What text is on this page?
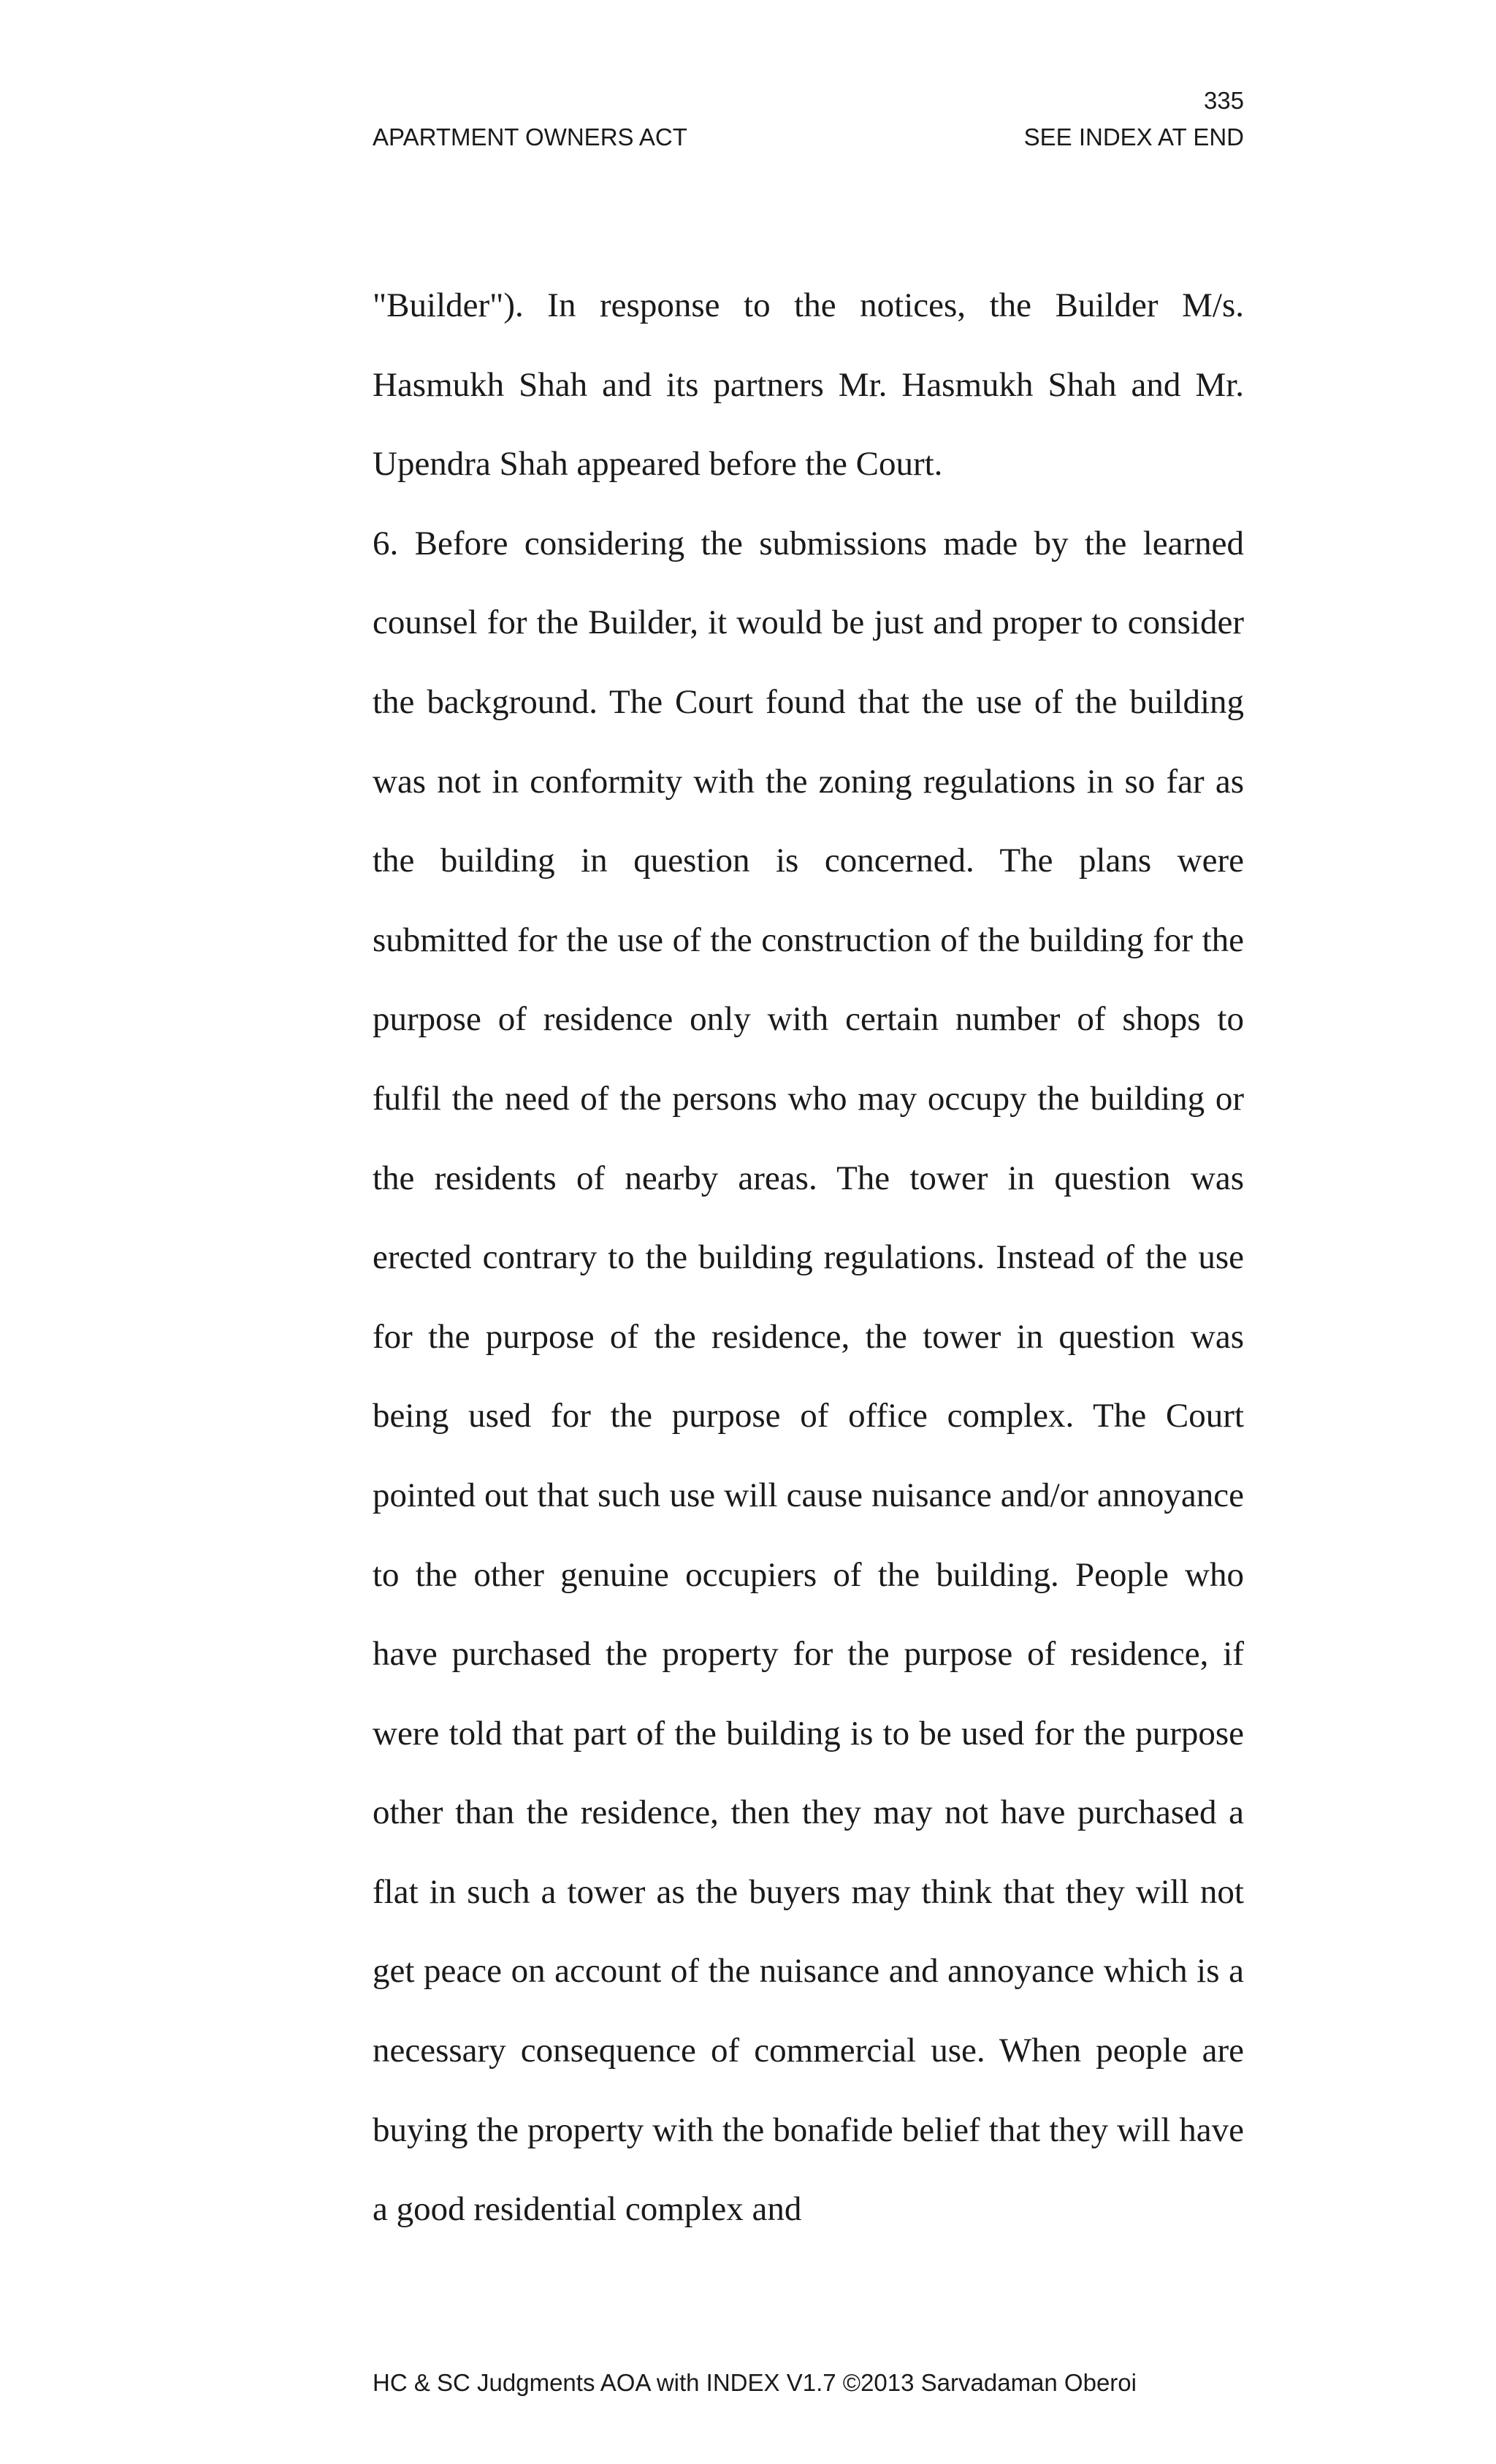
335
APARTMENT OWNERS ACT	SEE INDEX AT END

"Builder"). In response to the notices, the Builder M/s. Hasmukh Shah and its partners Mr. Hasmukh Shah and Mr. Upendra Shah appeared before the Court.

6. Before considering the submissions made by the learned counsel for the Builder, it would be just and proper to consider the background. The Court found that the use of the building was not in conformity with the zoning regulations in so far as the building in question is concerned. The plans were submitted for the use of the construction of the building for the purpose of residence only with certain number of shops to fulfil the need of the persons who may occupy the building or the residents of nearby areas. The tower in question was erected contrary to the building regulations. Instead of the use for the purpose of the residence, the tower in question was being used for the purpose of office complex. The Court pointed out that such use will cause nuisance and/or annoyance to the other genuine occupiers of the building. People who have purchased the property for the purpose of residence, if were told that part of the building is to be used for the purpose other than the residence, then they may not have purchased a flat in such a tower as the buyers may think that they will not get peace on account of the nuisance and annoyance which is a necessary consequence of commercial use. When people are buying the property with the bonafide belief that they will have a good residential complex and

HC & SC Judgments AOA with INDEX V1.7 ©2013 Sarvadaman Oberoi
